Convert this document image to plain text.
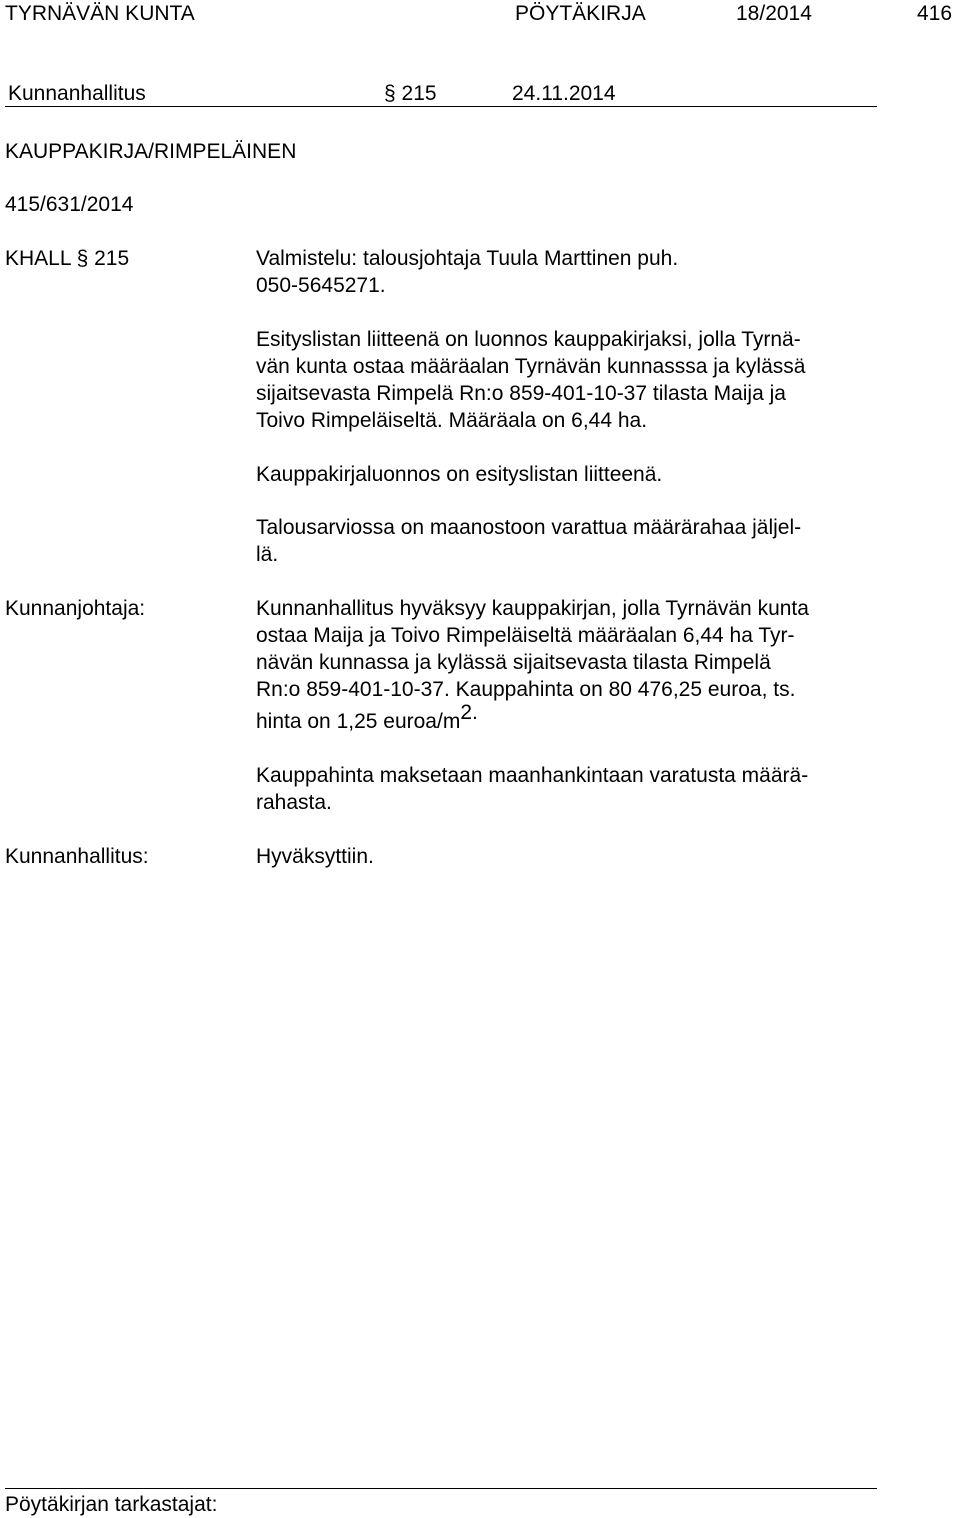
TYRNÄVÄN KUNTA	PÖYTÄKIRJA	18/2014	416
Kunnanhallitus	§ 215	24.11.2014
KAUPPAKIRJA/RIMPELÄINEN
415/631/2014
KHALL § 215	Valmistelu: talousjohtaja Tuula Marttinen puh.
050-5645271.
Esityslistan liitteenä on luonnos kauppakirjaksi, jolla Tyrnä-
vän kunta ostaa määräalan Tyrnävän kunnasssa ja kylässä
sijaitsevasta Rimpelä Rn:o 859-401-10-37 tilasta Maija ja
Toivo Rimpeläiseltä. Määräala on 6,44 ha.
Kauppakirjaluonnos on esityslistan liitteenä.
Talousarviossa on maanostoon varattua määrärahaa jäljel-
lä.
Kunnanjohtaja:	Kunnanhallitus hyväksyy kauppakirjan, jolla Tyrnävän kunta
ostaa Maija ja Toivo Rimpeläiseltä määräalan 6,44 ha Tyr-
nävän kunnassa ja kylässä sijaitsevasta tilasta Rimpelä
Rn:o 859-401-10-37. Kauppahinta on 80 476,25 euroa, ts.
hinta on 1,25 euroa/$m^{2.}$
Kauppahinta maksetaan maanhankintaan varatusta määrä-
rahasta.
Kunnanhallitus:	Hyväksyttiin.
Pöytäkirjan tarkastajat:
